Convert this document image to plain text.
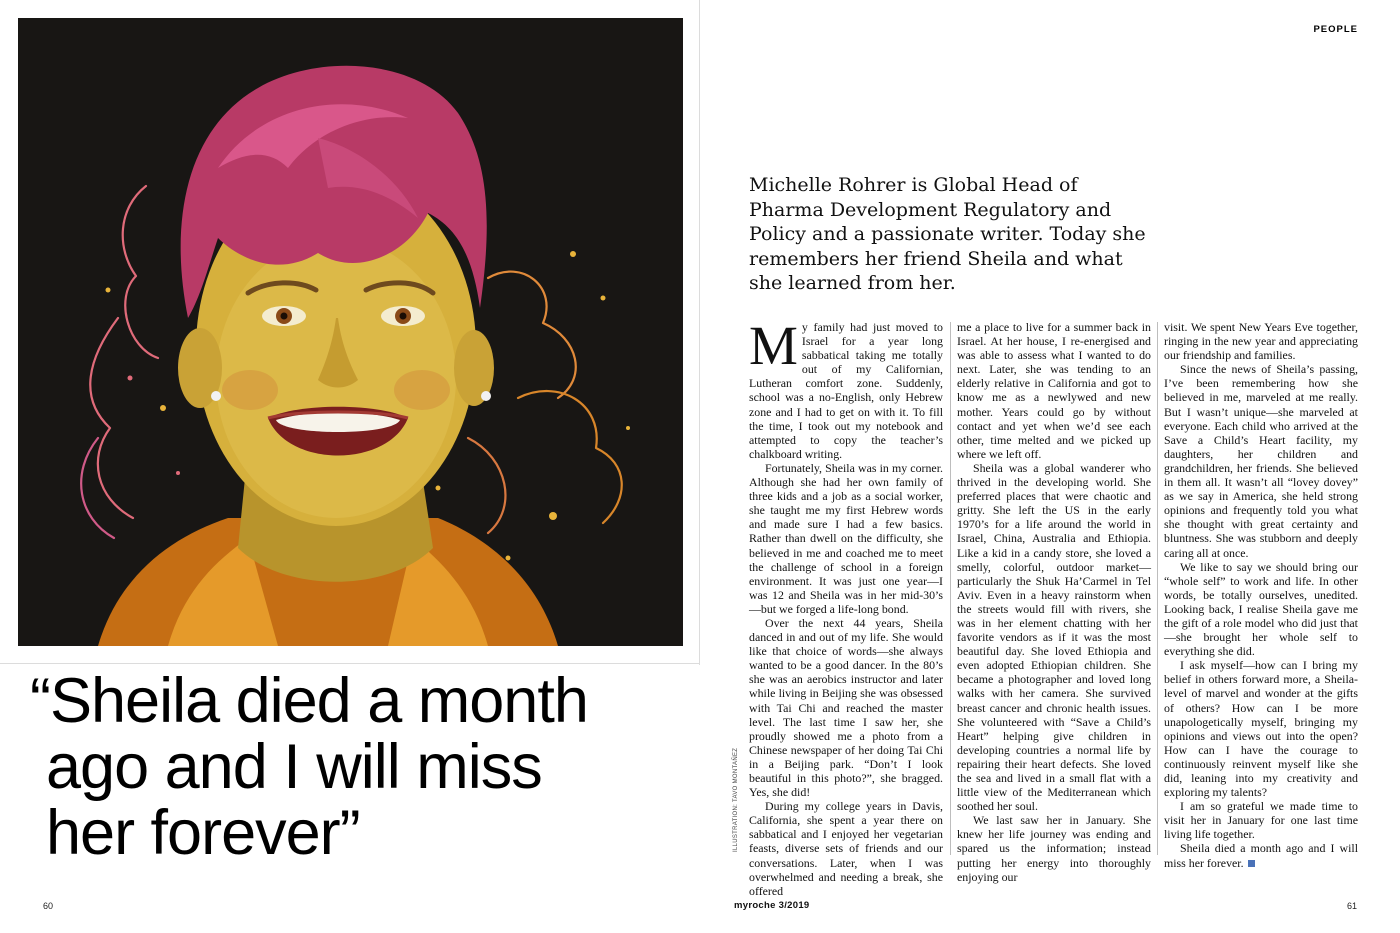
“Sheila died a month
ago and I will miss
her forever”
60
ILLUSTRATION: TAVO MONTAÑEZ
PEOPLE
Michelle Rohrer is Global Head of
Pharma Development Regulatory and
Policy and a passionate writer. Today she
remembers her friend Sheila and what
she learned from her.

My family had just moved to Israel for a year long sabbatical taking me totally out of my Californian, Lutheran comfort zone. Suddenly, school was a no-English, only Hebrew zone and I had to get on with it. To fill the time, I took out my notebook and attempted to copy the teacher’s chalkboard writing.

Fortunately, Sheila was in my corner. Although she had her own family of three kids and a job as a social worker, she taught me my first Hebrew words and made sure I had a few basics. Rather than dwell on the difficulty, she believed in me and coached me to meet the challenge of school in a foreign environment. It was just one year—I was 12 and Sheila was in her mid-30’s—but we forged a life-long bond.

Over the next 44 years, Sheila danced in and out of my life. She would like that choice of words—she always wanted to be a good dancer. In the 80’s she was an aerobics instructor and later while living in Beijing she was obsessed with Tai Chi and reached the master level. The last time I saw her, she proudly showed me a photo from a Chinese newspaper of her doing Tai Chi in a Beijing park. “Don’t I look beautiful in this photo?”, she bragged. Yes, she did!

During my college years in Davis, California, she spent a year there on sabbatical and I enjoyed her vegetarian feasts, diverse sets of friends and our conversations. Later, when I was overwhelmed and needing a break, she offered

me a place to live for a summer back in Israel. At her house, I re-energised and was able to assess what I wanted to do next. Later, she was tending to an elderly relative in California and got to know me as a newlywed and new mother. Years could go by without contact and yet when we’d see each other, time melted and we picked up where we left off.

Sheila was a global wanderer who thrived in the developing world. She preferred places that were chaotic and gritty. She left the US in the early 1970’s for a life around the world in Israel, China, Australia and Ethiopia. Like a kid in a candy store, she loved a smelly, colorful, outdoor market—particularly the Shuk Ha’Carmel in Tel Aviv. Even in a heavy rainstorm when the streets would fill with rivers, she was in her element chatting with her favorite vendors as if it was the most beautiful day. She loved Ethiopia and even adopted Ethiopian children. She became a photographer and loved long walks with her camera. She survived breast cancer and chronic health issues. She volunteered with “Save a Child’s Heart” helping give children in developing countries a normal life by repairing their heart defects. She loved the sea and lived in a small flat with a little view of the Mediterranean which soothed her soul.

We last saw her in January. She knew her life journey was ending and spared us the information; instead putting her energy into thoroughly enjoying our

visit. We spent New Years Eve together, ringing in the new year and appreciating our friendship and families.

Since the news of Sheila’s passing, I’ve been remembering how she believed in me, marveled at me really. But I wasn’t unique—she marveled at everyone. Each child who arrived at the Save a Child’s Heart facility, my daughters, her children and grandchildren, her friends. She believed in them all. It wasn’t all “lovey dovey” as we say in America, she held strong opinions and frequently told you what she thought with great certainty and bluntness. She was stubborn and deeply caring all at once.

We like to say we should bring our “whole self” to work and life. In other words, be totally ourselves, unedited. Looking back, I realise Sheila gave me the gift of a role model who did just that—she brought her whole self to everything she did.

I ask myself—how can I bring my belief in others forward more, a Sheila-level of marvel and wonder at the gifts of others? How can I be more unapologetically myself, bringing my opinions and views out into the open? How can I have the courage to continuously reinvent myself like she did, leaning into my creativity and exploring my talents?

I am so grateful we made time to visit her in January for one last time living life together.

Sheila died a month ago and I will miss her forever.

myroche 3/2019	61
